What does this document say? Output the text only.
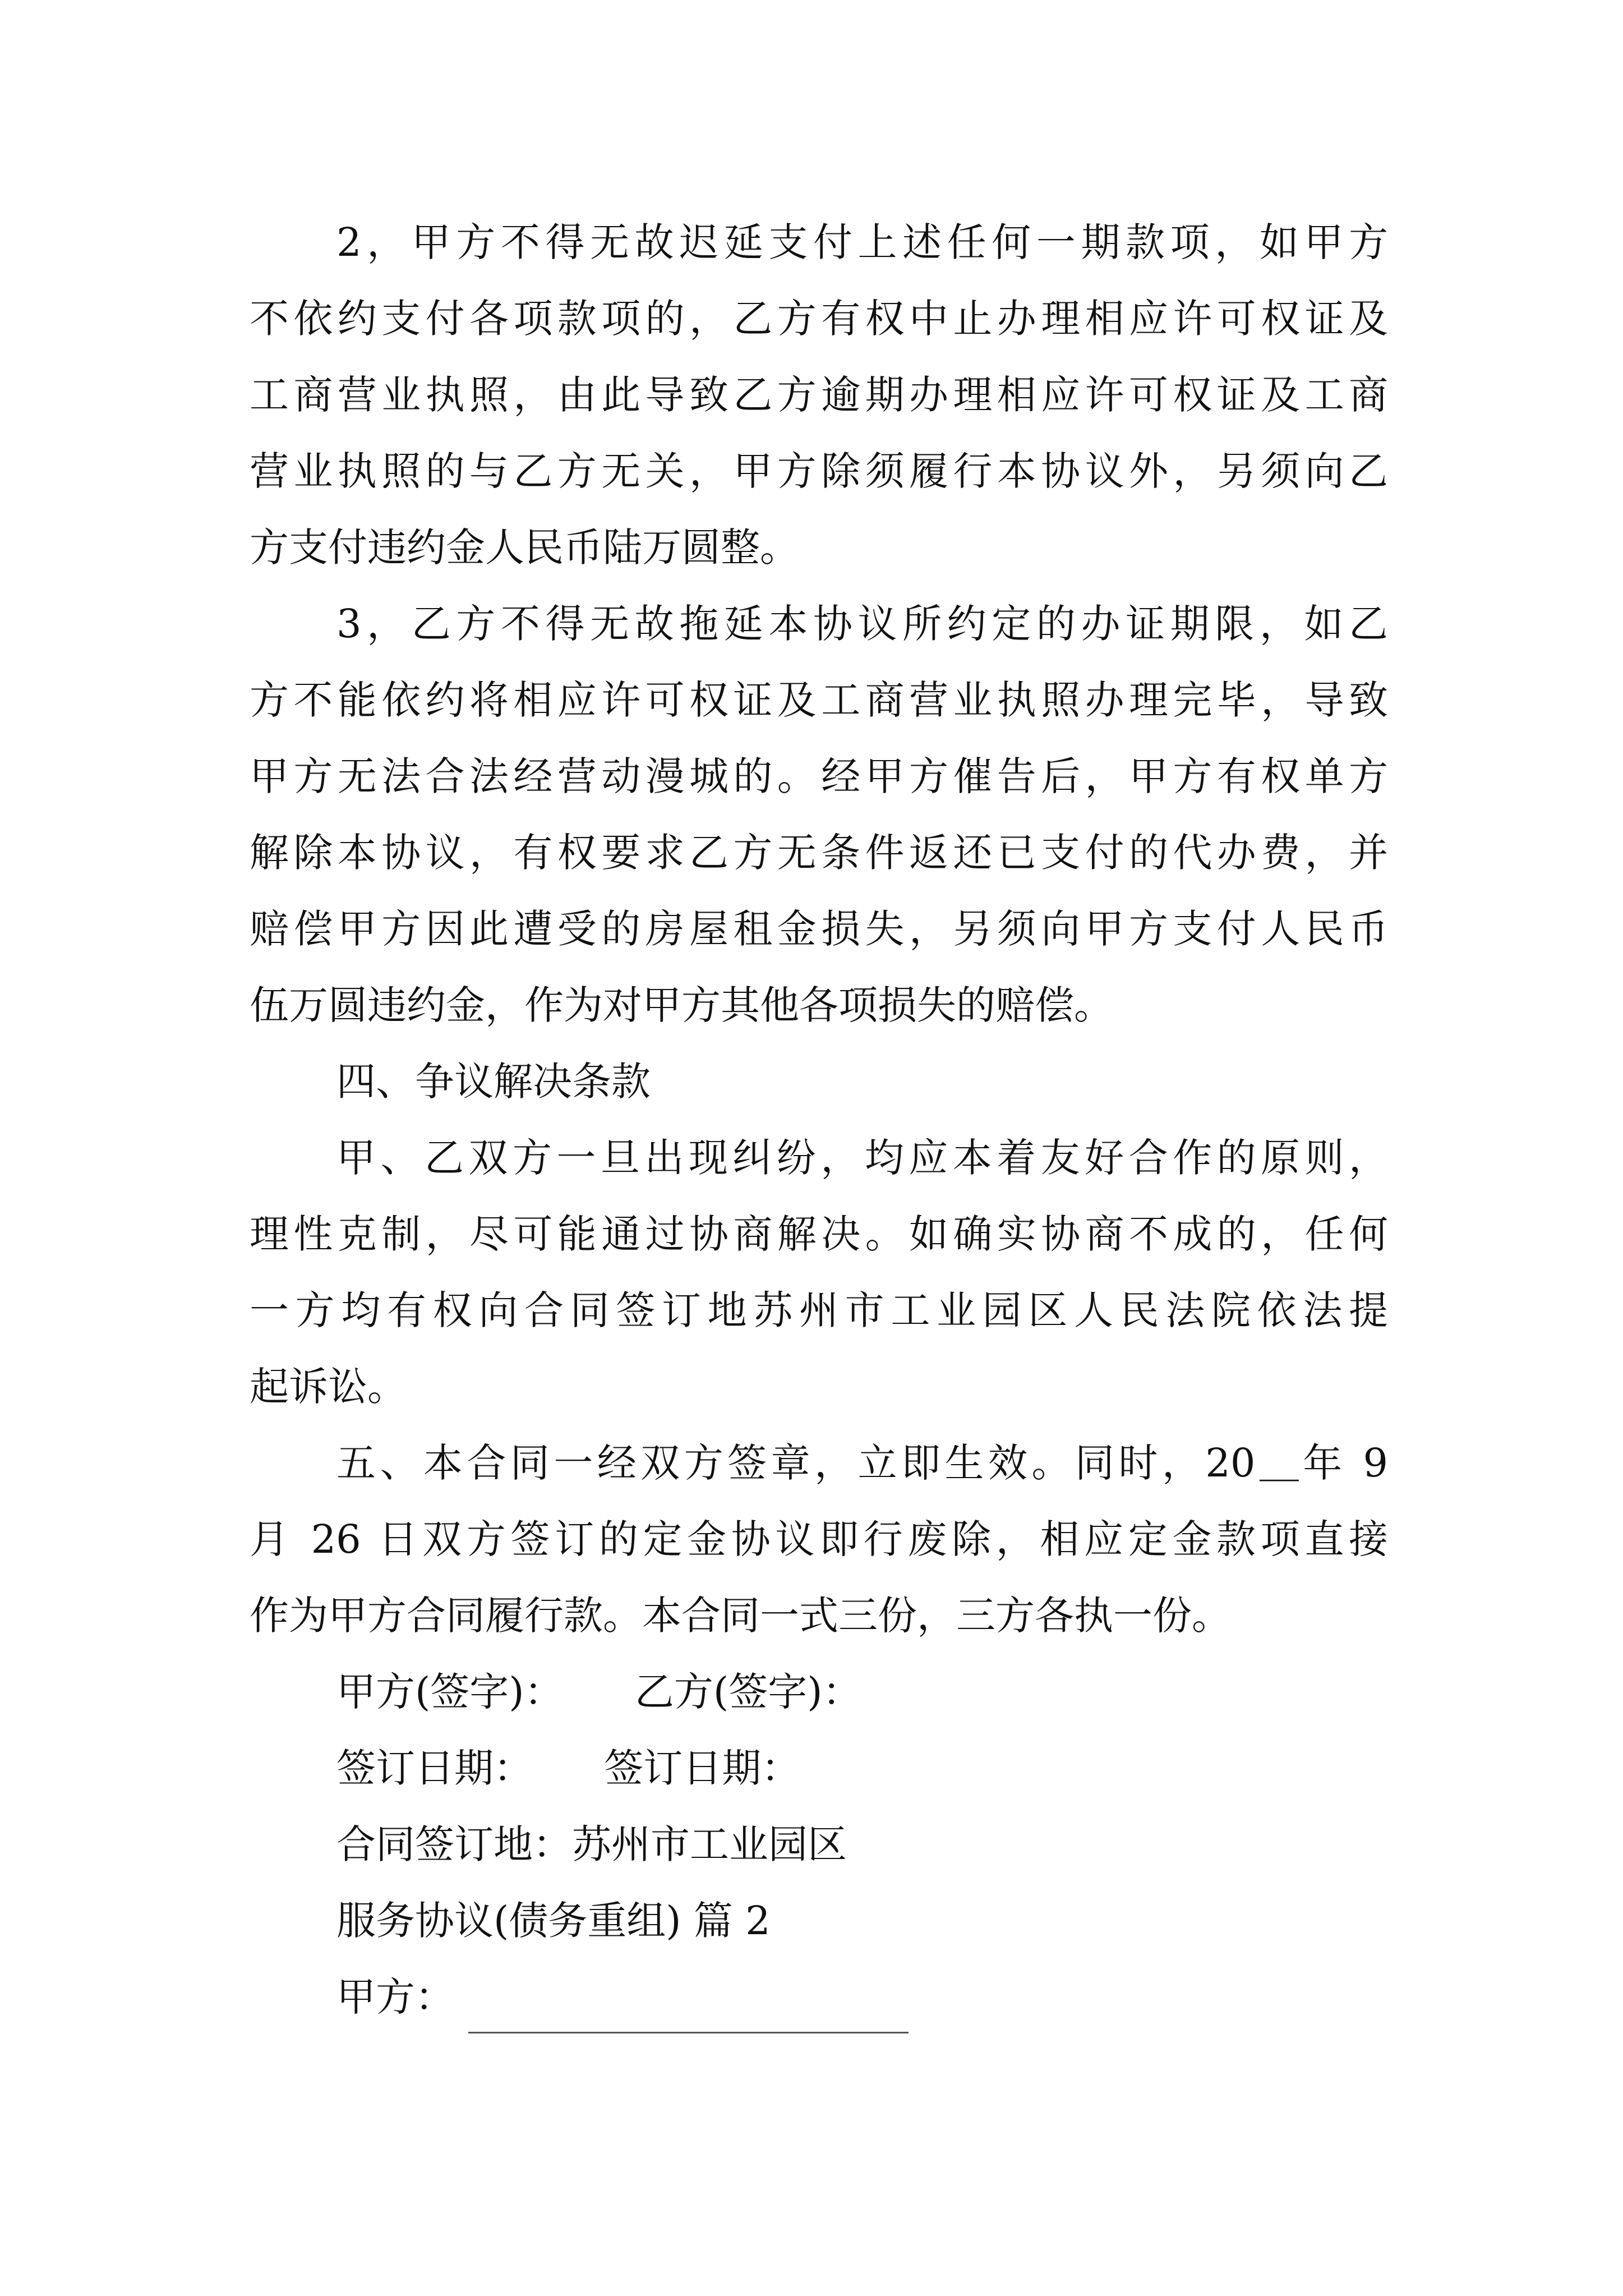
2，甲方不得无故迟延支付上述任何一期款项，如甲方
不依约支付各项款项的，乙方有权中止办理相应许可权证及
工商营业执照，由此导致乙方逾期办理相应许可权证及工商
营业执照的与乙方无关，甲方除须履行本协议外，另须向乙
方支付违约金人民币陆万圆整。
3，乙方不得无故拖延本协议所约定的办证期限，如乙
方不能依约将相应许可权证及工商营业执照办理完毕，导致
甲方无法合法经营动漫城的。经甲方催告后，甲方有权单方
解除本协议，有权要求乙方无条件返还已支付的代办费，并
赔偿甲方因此遭受的房屋租金损失，另须向甲方支付人民币
伍万圆违约金，作为对甲方其他各项损失的赔偿。
四、争议解决条款
甲、乙双方一旦出现纠纷，均应本着友好合作的原则，
理性克制，尽可能通过协商解决。如确实协商不成的，任何
一方均有权向合同签订地苏州市工业园区人民法院依法提
起诉讼。
五、本合同一经双方签章，立即生效。同时，20＿年 9
月 26 日双方签订的定金协议即行废除，相应定金款项直接
作为甲方合同履行款。本合同一式三份，三方各执一份。
甲方(签字)： 乙方(签字)：
签订日期： 签订日期：
合同签订地：苏州市工业园区
服务协议(债务重组) 篇 2
甲方：
